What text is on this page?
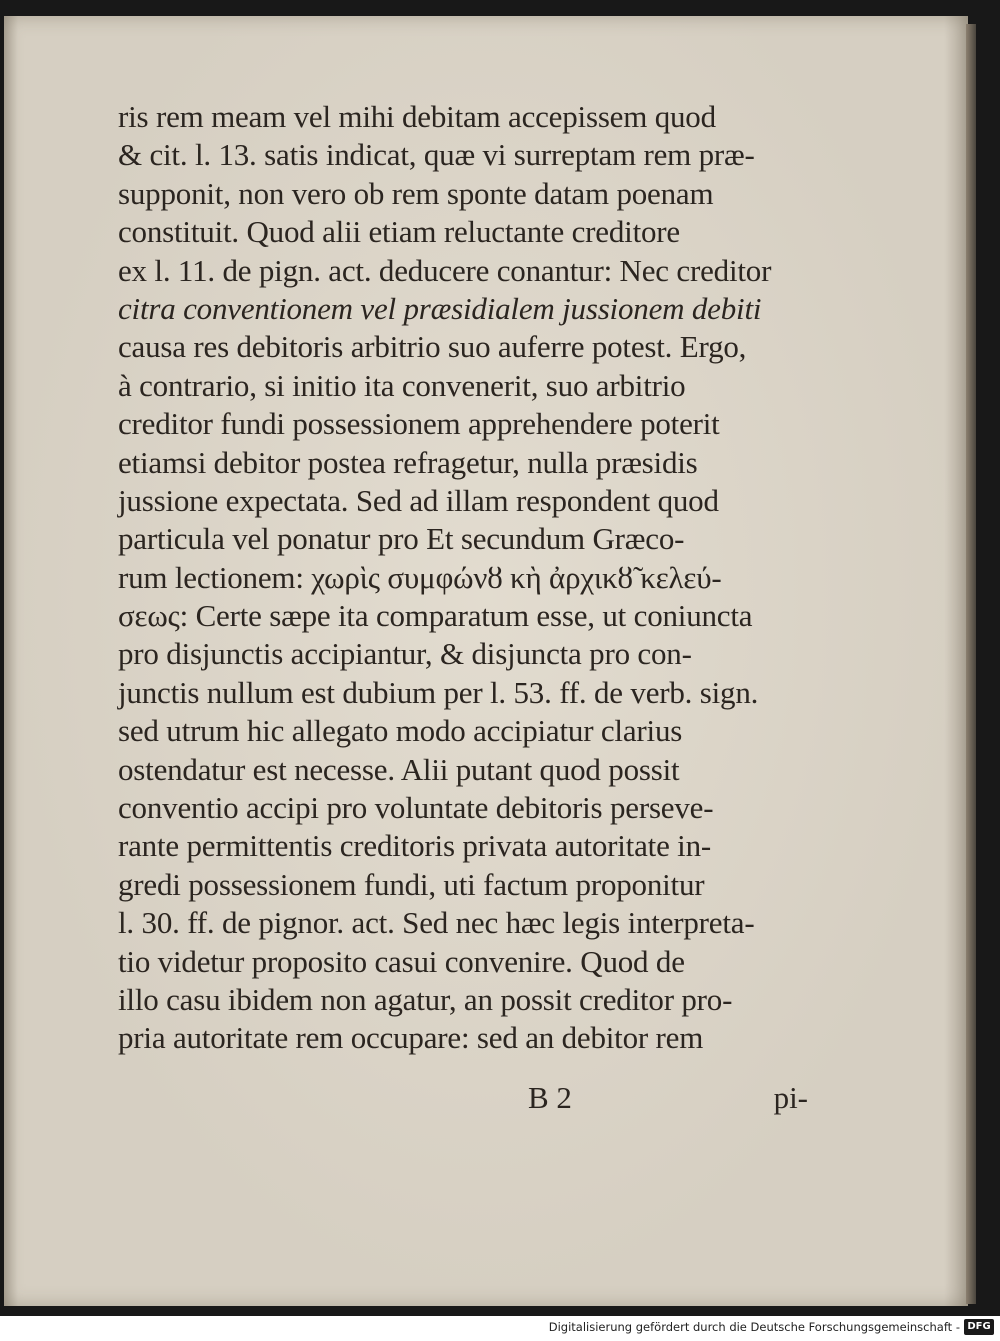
ris rem meam vel mihi debitam accepissem quod
& cit. l. 13. satis indicat, quæ vi surreptam rem præ-
supponit, non vero ob rem sponte datam poenam
constituit. Quod alii etiam reluctante creditore
ex l. 11. de pign. act. deducere conantur: Nec creditor
citra conventionem vel præsidialem jussionem debiti
causa res debitoris arbitrio suo auferre potest. Ergo,
à contrario, si initio ita convenerit, suo arbitrio
creditor fundi possessionem apprehendere poterit
etiamsi debitor postea refragetur, nulla præsidis
jussione expectata. Sed ad illam respondent quod
particula vel ponatur pro Et secundum Græco-
rum lectionem: χωρὶς συμφώνȣ κὴ ἀρχικȣ̃ κελεύ-
σεως: Certe sæpe ita comparatum esse, ut coniuncta
pro disjunctis accipiantur, & disjuncta pro con-
junctis nullum est dubium per l. 53. ff. de verb. sign.
sed utrum hic allegato modo accipiatur clarius
ostendatur est necesse. Alii putant quod possit
conventio accipi pro voluntate debitoris perseve-
rante permittentis creditoris privata autoritate in-
gredi possessionem fundi, uti factum proponitur
l. 30. ff. de pignor. act. Sed nec hæc legis interpreta-
tio videtur proposito casui convenire. Quod de
illo casu ibidem non agatur, an possit creditor pro-
pria autoritate rem occupare: sed an debitor rem
B 2	pi-
Digitalisierung gefördert durch die Deutsche Forschungsgemeinschaft - DFG
